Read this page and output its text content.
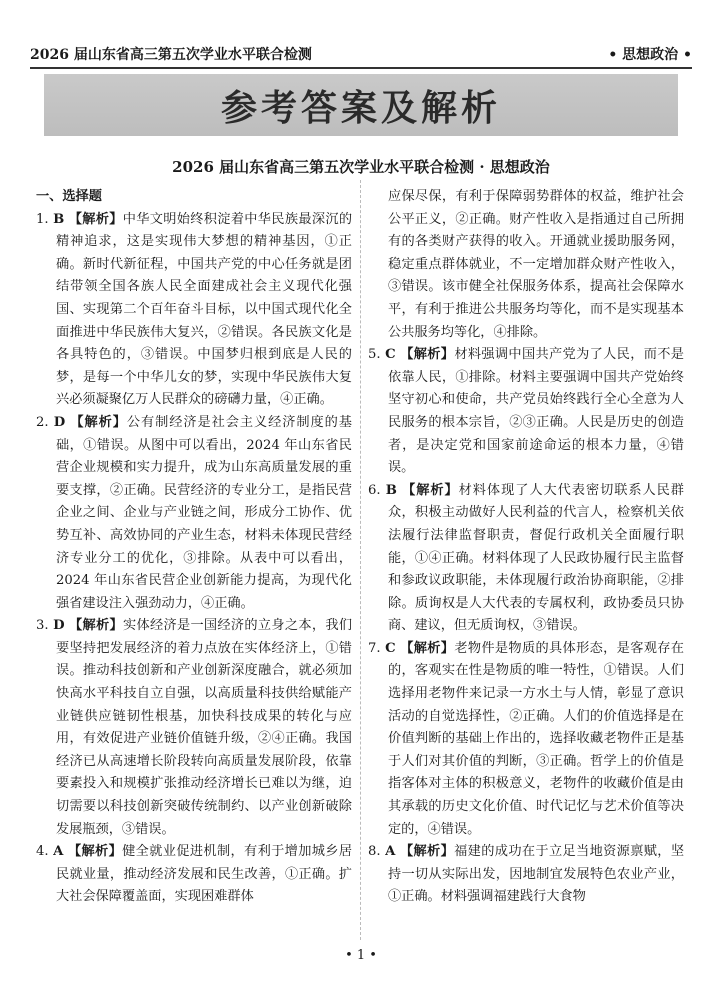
2026 届山东省高三第五次学业水平联合检测	• 思想政治 •
参考答案及解析
2026 届山东省高三第五次学业水平联合检测 · 思想政治
一、选择题
1. B 【解析】中华文明始终积淀着中华民族最深沉的精神追求，这是实现伟大梦想的精神基因，①正确。新时代新征程，中国共产党的中心任务就是团结带领全国各族人民全面建成社会主义现代化强国、实现第二个百年奋斗目标，以中国式现代化全面推进中华民族伟大复兴，②错误。各民族文化是各具特色的，③错误。中国梦归根到底是人民的梦，是每一个中华儿女的梦，实现中华民族伟大复兴必须凝聚亿万人民群众的磅礴力量，④正确。
2. D 【解析】公有制经济是社会主义经济制度的基础，①错误。从图中可以看出，2024 年山东省民营企业规模和实力提升，成为山东高质量发展的重要支撑，②正确。民营经济的专业分工，是指民营企业之间、企业与产业链之间，形成分工协作、优势互补、高效协同的产业生态，材料未体现民营经济专业分工的优化，③排除。从表中可以看出，2024 年山东省民营企业创新能力提高，为现代化强省建设注入强劲动力，④正确。
3. D 【解析】实体经济是一国经济的立身之本，我们要坚持把发展经济的着力点放在实体经济上，①错误。推动科技创新和产业创新深度融合，就必须加快高水平科技自立自强，以高质量科技供给赋能产业链供应链韧性根基，加快科技成果的转化与应用，有效促进产业链价值链升级，②④正确。我国经济已从高速增长阶段转向高质量发展阶段，依靠要素投入和规模扩张推动经济增长已难以为继，迫切需要以科技创新突破传统制约、以产业创新破除发展瓶颈，③错误。
4. A 【解析】健全就业促进机制，有利于增加城乡居民就业量，推动经济发展和民生改善，①正确。扩大社会保障覆盖面，实现困难群体
应保尽保，有利于保障弱势群体的权益，维护社会公平正义，②正确。财产性收入是指通过自己所拥有的各类财产获得的收入。开通就业援助服务网，稳定重点群体就业，不一定增加群众财产性收入，③错误。该市健全社保服务体系，提高社会保障水平，有利于推进公共服务均等化，而不是实现基本公共服务均等化，④排除。
5. C 【解析】材料强调中国共产党为了人民，而不是依靠人民，①排除。材料主要强调中国共产党始终坚守初心和使命，共产党员始终践行全心全意为人民服务的根本宗旨，②③正确。人民是历史的创造者，是决定党和国家前途命运的根本力量，④错误。
6. B 【解析】材料体现了人大代表密切联系人民群众，积极主动做好人民利益的代言人，检察机关依法履行法律监督职责，督促行政机关全面履行职能，①④正确。材料体现了人民政协履行民主监督和参政议政职能，未体现履行政治协商职能，②排除。质询权是人大代表的专属权利，政协委员只协商、建议，但无质询权，③错误。
7. C 【解析】老物件是物质的具体形态，是客观存在的，客观实在性是物质的唯一特性，①错误。人们选择用老物件来记录一方水土与人情，彰显了意识活动的自觉选择性，②正确。人们的价值选择是在价值判断的基础上作出的，选择收藏老物件正是基于人们对其价值的判断，③正确。哲学上的价值是指客体对主体的积极意义，老物件的收藏价值是由其承载的历史文化价值、时代记忆与艺术价值等决定的，④错误。
8. A 【解析】福建的成功在于立足当地资源禀赋，坚持一切从实际出发，因地制宜发展特色农业产业，①正确。材料强调福建践行大食物
• 1 •
